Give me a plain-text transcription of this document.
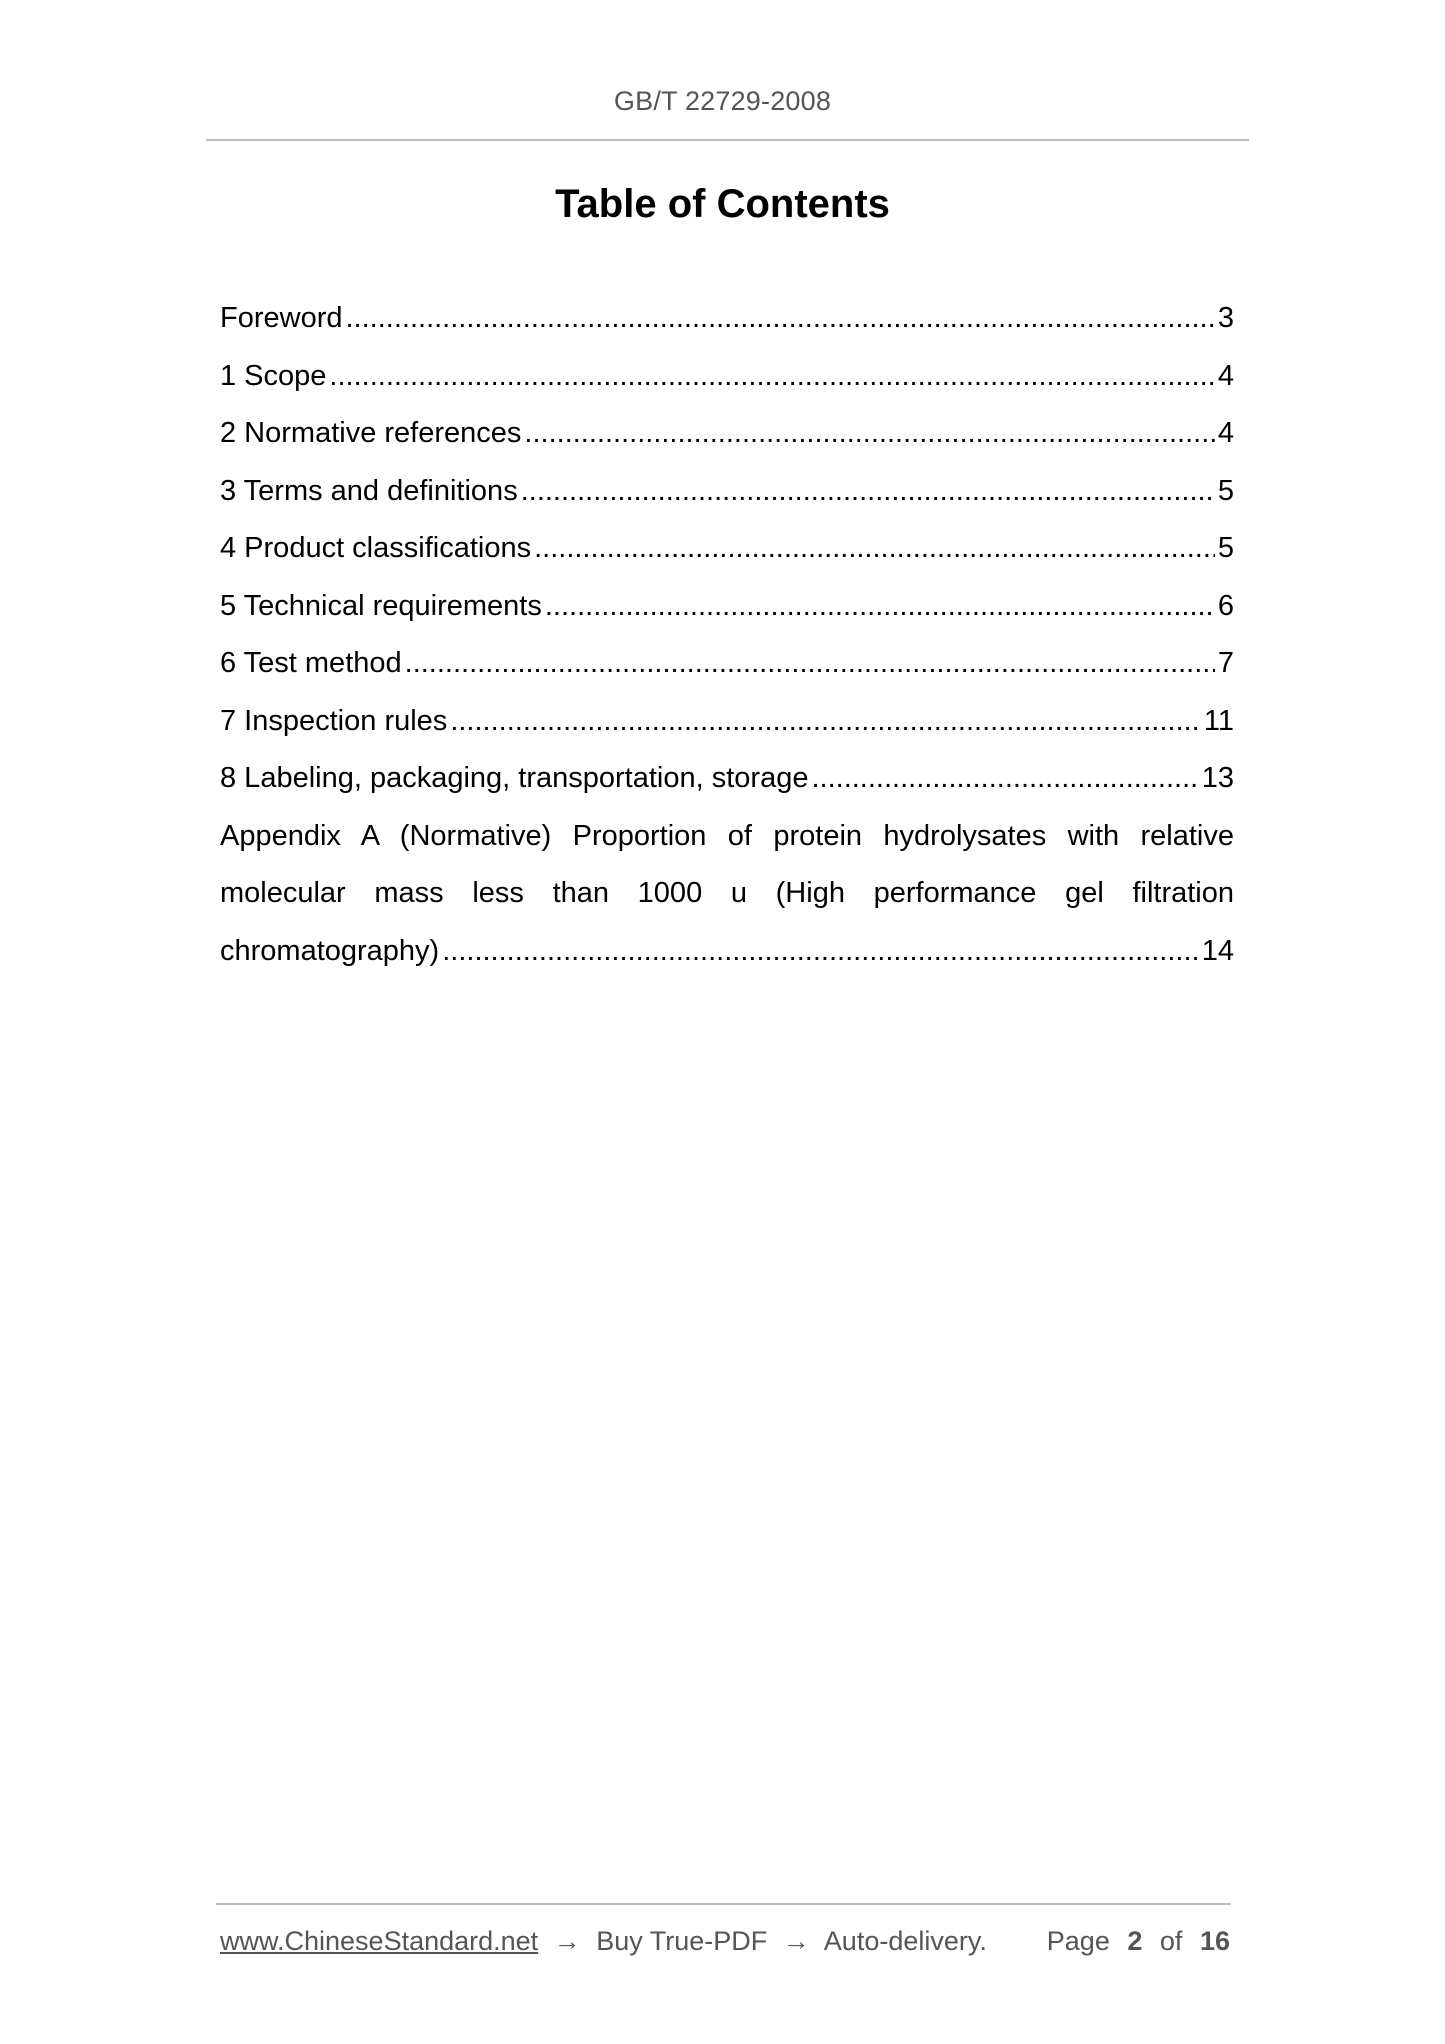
GB/T 22729-2008
Table of Contents
Foreword .....	3
1 Scope .....	4
2 Normative references .....	4
3 Terms and definitions .....	5
4 Product classifications .....	5
5 Technical requirements .....	6
6 Test method .....	7
7 Inspection rules .....	11
8 Labeling, packaging, transportation, storage .....	13
Appendix A (Normative) Proportion of protein hydrolysates with relative
molecular mass less than 1000 u (High performance gel filtration
chromatography) .....	14
www.ChineseStandard.net → Buy True-PDF → Auto-delivery. Page 2 of 16
